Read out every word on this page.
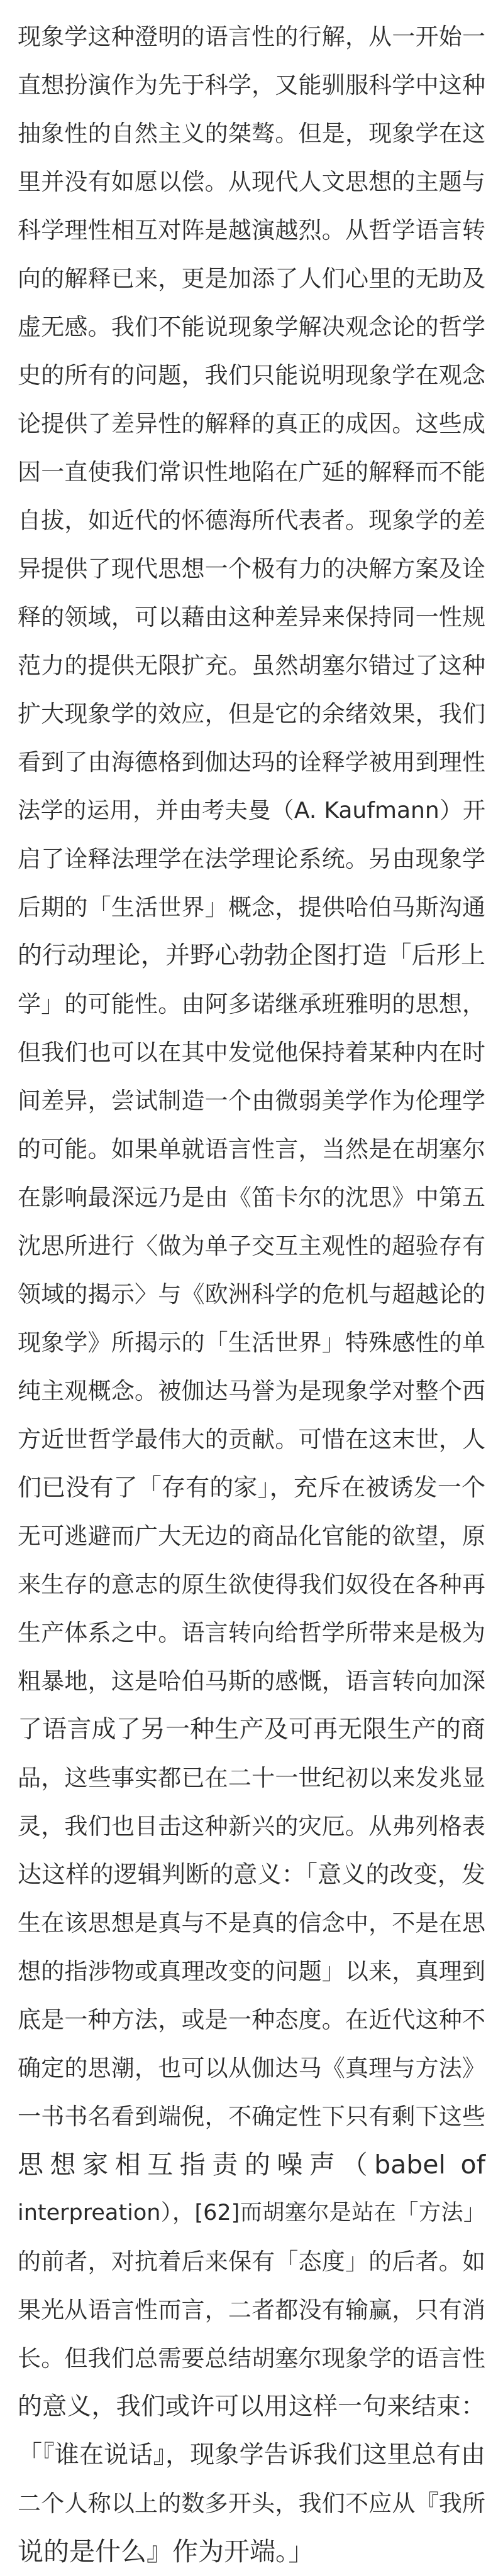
现象学这种澄明的语言性的行解，从一开始一
直想扮演作为先于科学，又能驯服科学中这种
抽象性的自然主义的桀骜。但是，现象学在这
里并没有如愿以偿。从现代人文思想的主题与
科学理性相互对阵是越演越烈。从哲学语言转
向的解释已来，更是加添了人们心里的无助及
虚无感。我们不能说现象学解决观念论的哲学
史的所有的问题，我们只能说明现象学在观念
论提供了差异性的解释的真正的成因。这些成
因一直使我们常识性地陷在广延的解释而不能
自拔，如近代的怀德海所代表者。现象学的差
异提供了现代思想一个极有力的决解方案及诠
释的领域，可以藉由这种差异来保持同一性规
范力的提供无限扩充。虽然胡塞尔错过了这种
扩大现象学的效应，但是它的余绪效果，我们
看到了由海德格到伽达玛的诠释学被用到理性
法学的运用，并由考夫曼（A. Kaufmann）开
启了诠释法理学在法学理论系统。另由现象学
后期的「生活世界」概念，提供哈伯马斯沟通
的行动理论，并野心勃勃企图打造「后形上
学」的可能性。由阿多诺继承班雅明的思想，
但我们也可以在其中发觉他保持着某种内在时
间差异，尝试制造一个由微弱美学作为伦理学
的可能。如果单就语言性言，当然是在胡塞尔
在影响最深远乃是由《笛卡尔的沈思》中第五
沈思所进行〈做为单子交互主观性的超验存有
领域的揭示〉与《欧洲科学的危机与超越论的
现象学》所揭示的「生活世界」特殊感性的单
纯主观概念。被伽达马誉为是现象学对整个西
方近世哲学最伟大的贡献。可惜在这末世，人
们已没有了「存有的家」，充斥在被诱发一个
无可逃避而广大无边的商品化官能的欲望，原
来生存的意志的原生欲使得我们奴役在各种再
生产体系之中。语言转向给哲学所带来是极为
粗暴地，这是哈伯马斯的感慨，语言转向加深
了语言成了另一种生产及可再无限生产的商
品，这些事实都已在二十一世纪初以来发兆显
灵，我们也目击这种新兴的灾厄。从弗列格表
达这样的逻辑判断的意义：「意义的改变，发
生在该思想是真与不是真的信念中，不是在思
想的指涉物或真理改变的问题」以来，真理到
底是一种方法，或是一种态度。在近代这种不
确定的思潮，也可以从伽达马《真理与方法》
一书书名看到端倪，不确定性下只有剩下这些
思想家相互指责的噪声（babel of
interpreation），[62]而胡塞尔是站在「方法」
的前者，对抗着后来保有「态度」的后者。如
果光从语言性而言，二者都没有输赢，只有消
长。但我们总需要总结胡塞尔现象学的语言性
的意义，我们或许可以用这样一句来结束：
「『谁在说话』，现象学告诉我们这里总有由
二个人称以上的数多开头，我们不应从『我所
说的是什么』作为开端。」
